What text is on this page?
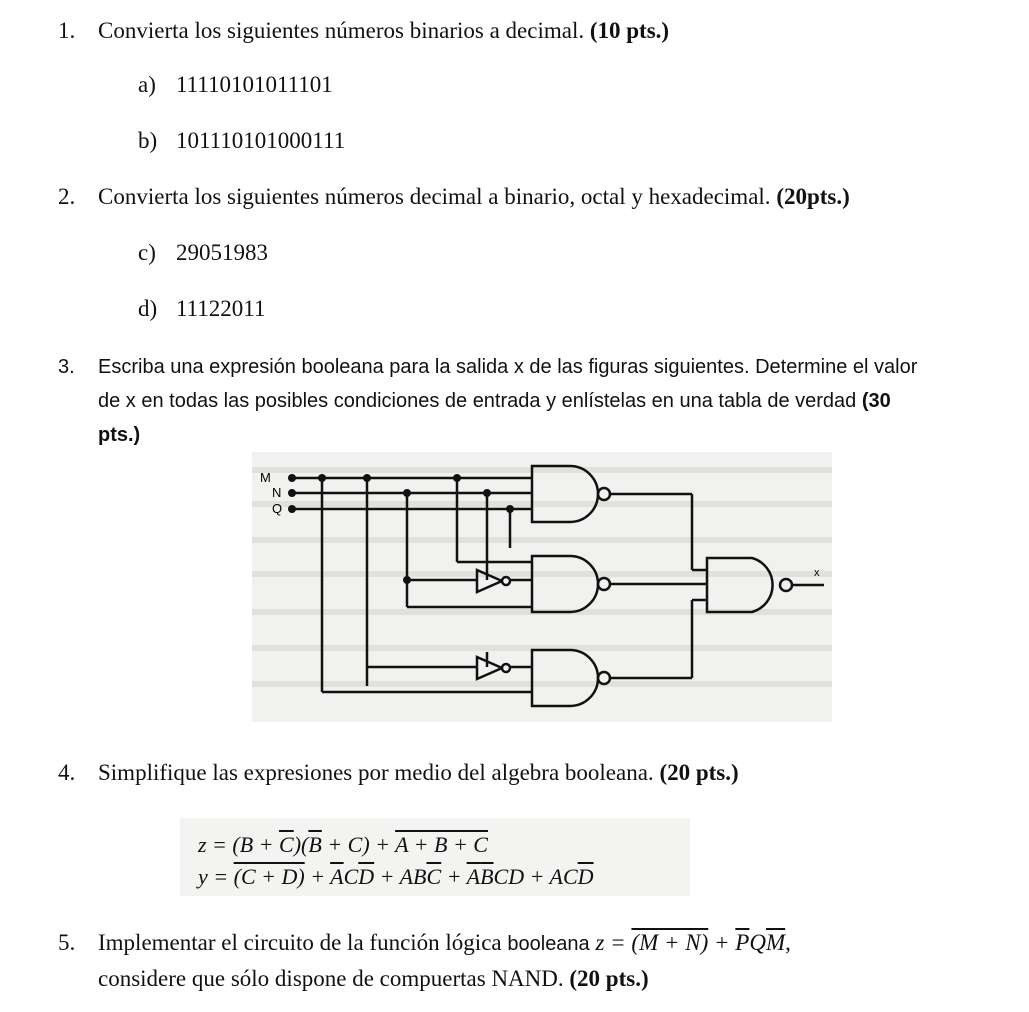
1. Convierta los siguientes números binarios a decimal. (10 pts.)
a) 11110101011101
b) 101110101000111
2. Convierta los siguientes números decimal a binario, octal y hexadecimal. (20pts.)
c) 29051983
d) 11122011
3. Escriba una expresión booleana para la salida x de las figuras siguientes. Determine el valor
de x en todas las posibles condiciones de entrada y enlístelas en una tabla de verdad (30
pts.)
M
N
Q
x
4. Simplifique las expresiones por medio del algebra booleana. (20 pts.)
$z = (B + \overline{C})(\overline{B} + C) + A + B + C$
$y = (C + D) + \overline{A}C\overline{D} + AB\overline{C} + \overline{A}\overline{B}CD + AC\overline{D}$
5. Implementar el circuito de la función lógica booleana $z = (M + N) + \overline{P}Q\overline{M}$,
considere que sólo dispone de compuertas NAND. (20 pts.)
